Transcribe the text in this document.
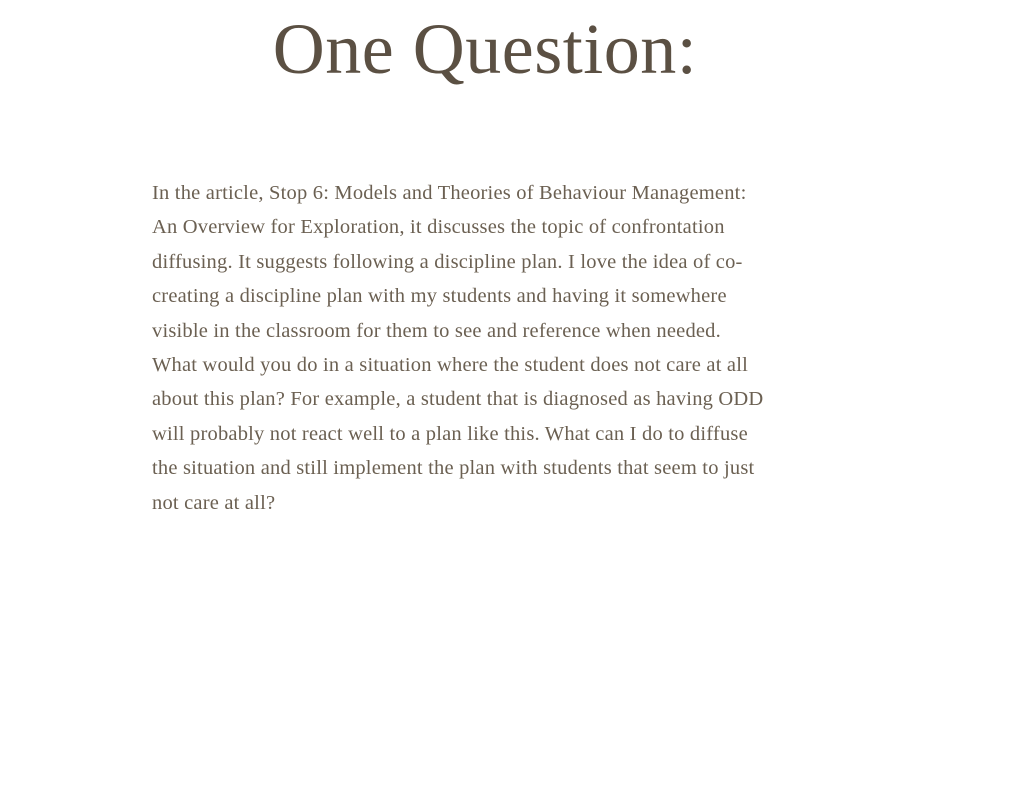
One Question:
In the article, Stop 6: Models and Theories of Behaviour Management:
An Overview for Exploration, it discusses the topic of confrontation
diffusing. It suggests following a discipline plan. I love the idea of co-
creating a discipline plan with my students and having it somewhere
visible in the classroom for them to see and reference when needed.
What would you do in a situation where the student does not care at all
about this plan? For example, a student that is diagnosed as having ODD
will probably not react well to a plan like this. What can I do to diffuse
the situation and still implement the plan with students that seem to just
not care at all?
